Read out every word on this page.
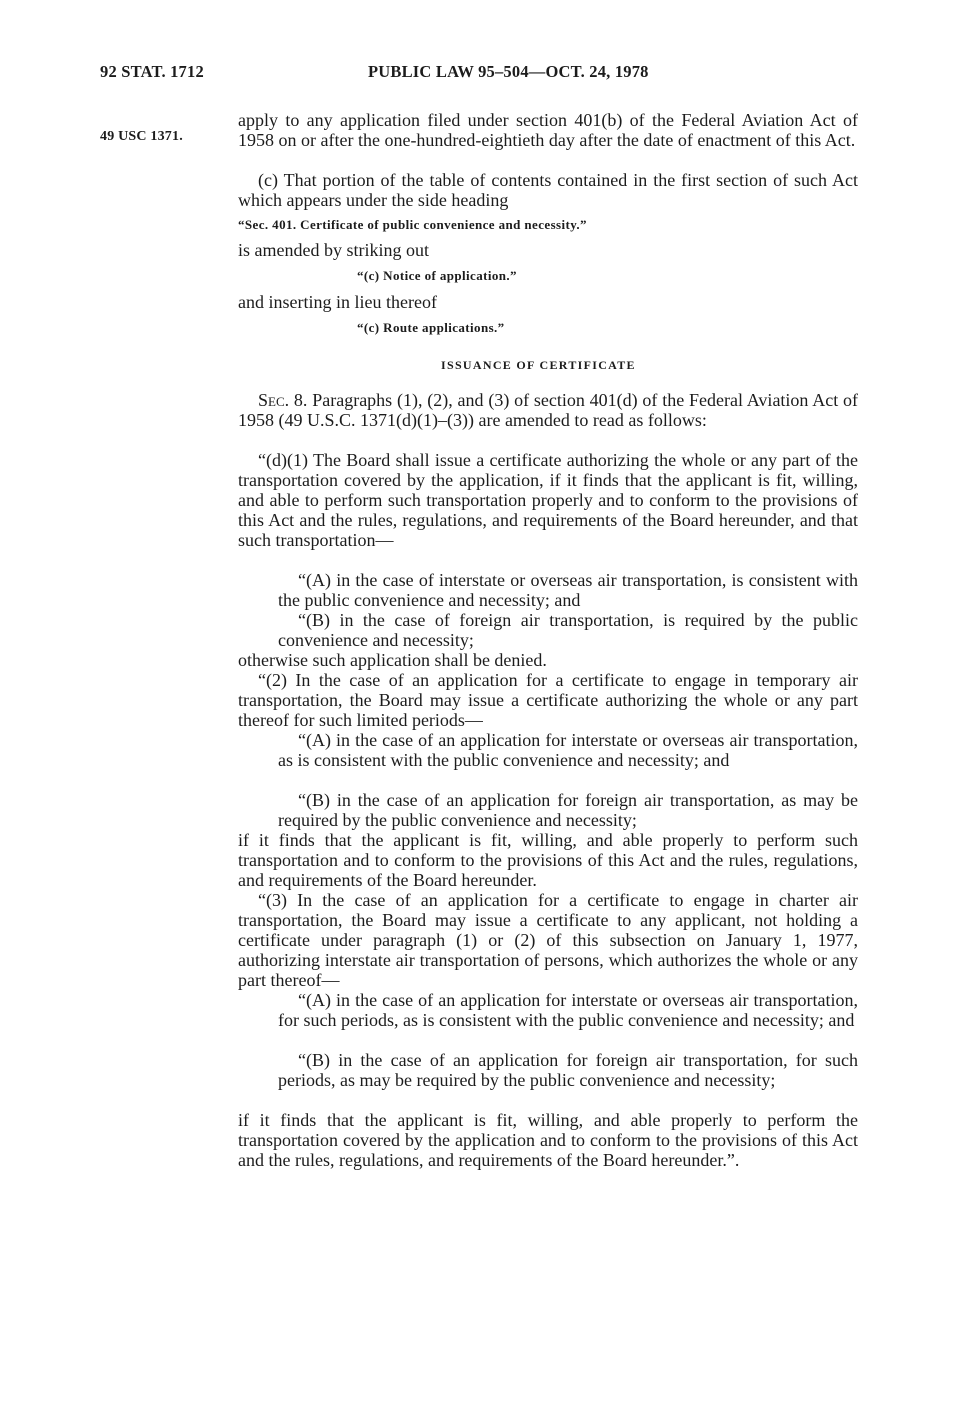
92 STAT. 1712	PUBLIC LAW 95–504—OCT. 24, 1978
49 USC 1371.
apply to any application filed under section 401(b) of the Federal Aviation Act of 1958 on or after the one-hundred-eightieth day after the date of enactment of this Act.
(c) That portion of the table of contents contained in the first section of such Act which appears under the side heading
“Sec. 401. Certificate of public convenience and necessity.”
is amended by striking out
“(c) Notice of application.”
and inserting in lieu thereof
“(c) Route applications.”
ISSUANCE OF CERTIFICATE
Sec. 8. Paragraphs (1), (2), and (3) of section 401(d) of the Federal Aviation Act of 1958 (49 U.S.C. 1371(d)(1)–(3)) are amended to read as follows:
“(d)(1) The Board shall issue a certificate authorizing the whole or any part of the transportation covered by the application, if it finds that the applicant is fit, willing, and able to perform such transportation properly and to conform to the provisions of this Act and the rules, regulations, and requirements of the Board hereunder, and that such transportation—
“(A) in the case of interstate or overseas air transportation, is consistent with the public convenience and necessity; and
“(B) in the case of foreign air transportation, is required by the public convenience and necessity;
otherwise such application shall be denied.
“(2) In the case of an application for a certificate to engage in temporary air transportation, the Board may issue a certificate authorizing the whole or any part thereof for such limited periods—
“(A) in the case of an application for interstate or overseas air transportation, as is consistent with the public convenience and necessity; and
“(B) in the case of an application for foreign air transportation, as may be required by the public convenience and necessity;
if it finds that the applicant is fit, willing, and able properly to perform such transportation and to conform to the provisions of this Act and the rules, regulations, and requirements of the Board hereunder.
“(3) In the case of an application for a certificate to engage in charter air transportation, the Board may issue a certificate to any applicant, not holding a certificate under paragraph (1) or (2) of this subsection on January 1, 1977, authorizing interstate air transportation of persons, which authorizes the whole or any part thereof—
“(A) in the case of an application for interstate or overseas air transportation, for such periods, as is consistent with the public convenience and necessity; and
“(B) in the case of an application for foreign air transportation, for such periods, as may be required by the public convenience and necessity;
if it finds that the applicant is fit, willing, and able properly to perform the transportation covered by the application and to conform to the provisions of this Act and the rules, regulations, and requirements of the Board hereunder.”.
